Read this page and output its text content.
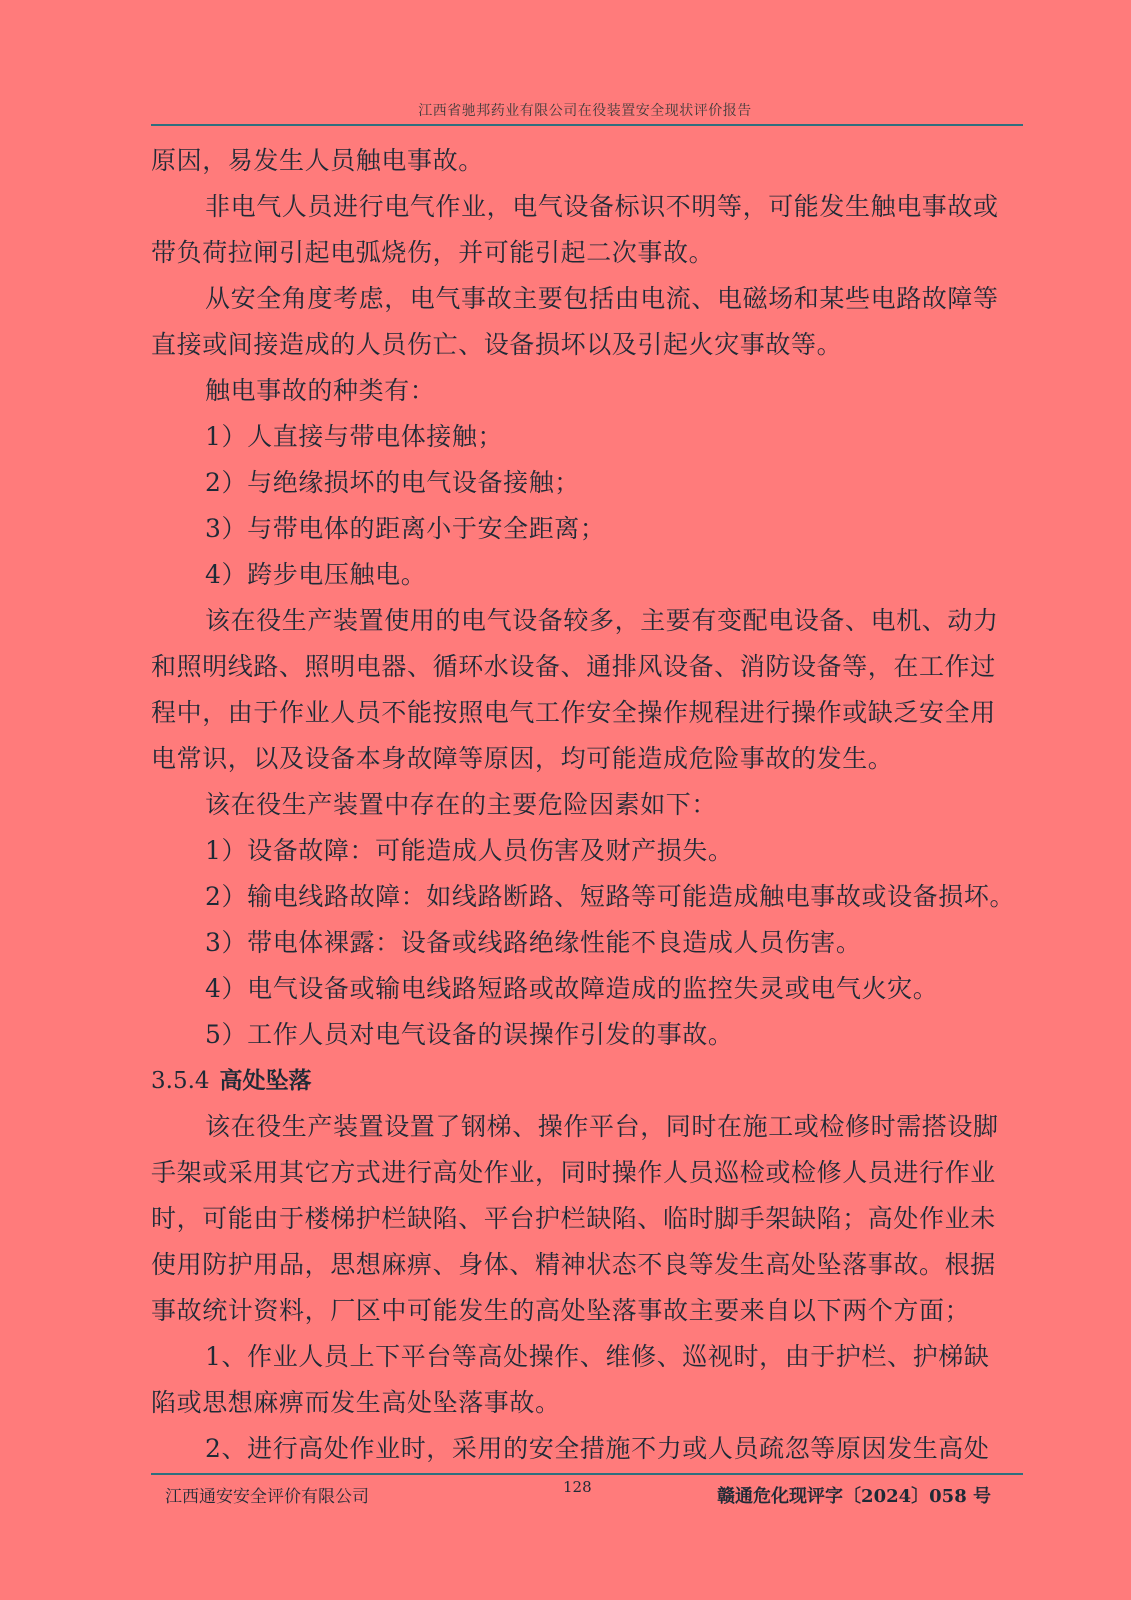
江西省驰邦药业有限公司在役装置安全现状评价报告

原因，易发生人员触电事故。

非电气人员进行电气作业，电气设备标识不明等，可能发生触电事故或

带负荷拉闸引起电弧烧伤，并可能引起二次事故。

从安全角度考虑，电气事故主要包括由电流、电磁场和某些电路故障等

直接或间接造成的人员伤亡、设备损坏以及引起火灾事故等。

触电事故的种类有：

1）人直接与带电体接触；

2）与绝缘损坏的电气设备接触；

3）与带电体的距离小于安全距离；

4）跨步电压触电。

该在役生产装置使用的电气设备较多，主要有变配电设备、电机、动力

和照明线路、照明电器、循环水设备、通排风设备、消防设备等，在工作过

程中，由于作业人员不能按照电气工作安全操作规程进行操作或缺乏安全用

电常识，以及设备本身故障等原因，均可能造成危险事故的发生。

该在役生产装置中存在的主要危险因素如下：

1）设备故障：可能造成人员伤害及财产损失。

2）输电线路故障：如线路断路、短路等可能造成触电事故或设备损坏。

3）带电体裸露：设备或线路绝缘性能不良造成人员伤害。

4）电气设备或输电线路短路或故障造成的监控失灵或电气火灾。

5）工作人员对电气设备的误操作引发的事故。

3.5.4 高处坠落

该在役生产装置设置了钢梯、操作平台，同时在施工或检修时需搭设脚

手架或采用其它方式进行高处作业，同时操作人员巡检或检修人员进行作业

时，可能由于楼梯护栏缺陷、平台护栏缺陷、临时脚手架缺陷；高处作业未

使用防护用品，思想麻痹、身体、精神状态不良等发生高处坠落事故。根据

事故统计资料，厂区中可能发生的高处坠落事故主要来自以下两个方面；

1、作业人员上下平台等高处操作、维修、巡视时，由于护栏、护梯缺

陷或思想麻痹而发生高处坠落事故。

2、进行高处作业时，采用的安全措施不力或人员疏忽等原因发生高处

江西通安安全评价有限公司	128	赣通危化现评字〔2024〕058 号
